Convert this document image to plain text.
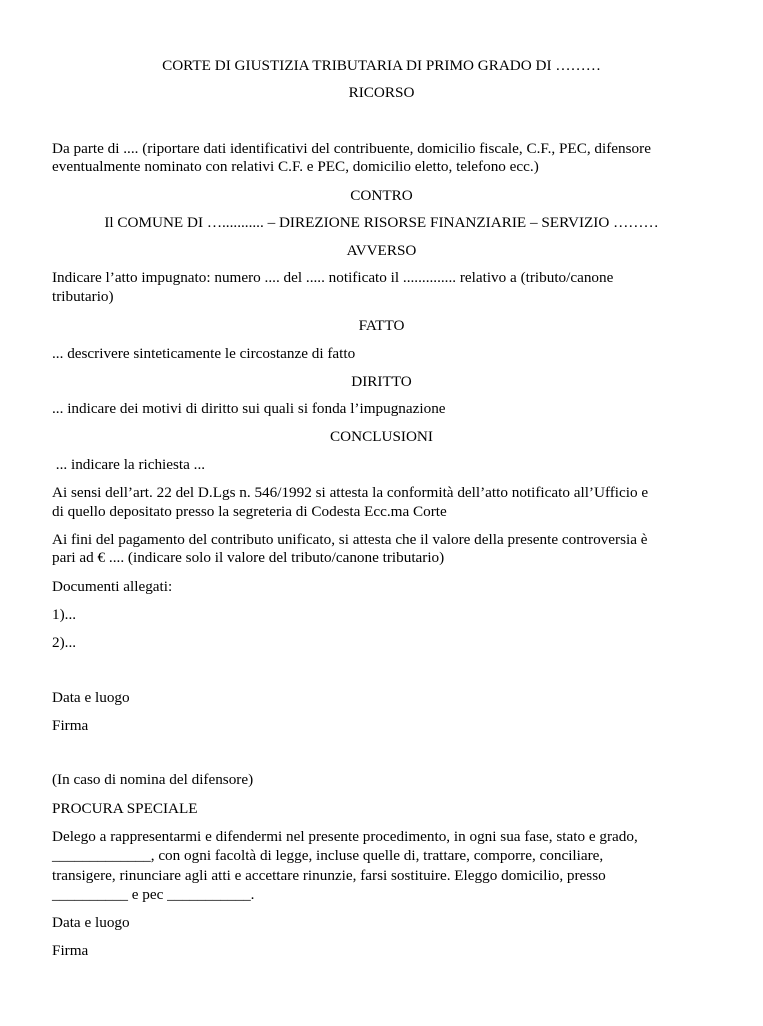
CORTE DI GIUSTIZIA TRIBUTARIA DI PRIMO GRADO DI ………
RICORSO
Da parte di .... (riportare dati identificativi del contribuente, domicilio fiscale, C.F., PEC, difensore
eventualmente nominato con relativi C.F. e PEC, domicilio eletto, telefono ecc.)
CONTRO
Il COMUNE DI …........... – DIREZIONE RISORSE FINANZIARIE – SERVIZIO ………
AVVERSO
Indicare l’atto impugnato: numero .... del ..... notificato il .............. relativo a (tributo/canone
tributario)
FATTO
... descrivere sinteticamente le circostanze di fatto
DIRITTO
... indicare dei motivi di diritto sui quali si fonda l’impugnazione
CONCLUSIONI
... indicare la richiesta ...
Ai sensi dell’art. 22 del D.Lgs n. 546/1992 si attesta la conformità dell’atto notificato all’Ufficio e
di quello depositato presso la segreteria di Codesta Ecc.ma Corte
Ai fini del pagamento del contributo unificato, si attesta che il valore della presente controversia è
pari ad € .... (indicare solo il valore del tributo/canone tributario)
Documenti allegati:
1)...
2)...
Data e luogo
Firma
(In caso di nomina del difensore)
PROCURA SPECIALE
Delego a rappresentarmi e difendermi nel presente procedimento, in ogni sua fase, stato e grado,
_____________, con ogni facoltà di legge, incluse quelle di, trattare, comporre, conciliare,
transigere, rinunciare agli atti e accettare rinunzie, farsi sostituire. Eleggo domicilio, presso
__________ e pec ___________.
Data e luogo
Firma
